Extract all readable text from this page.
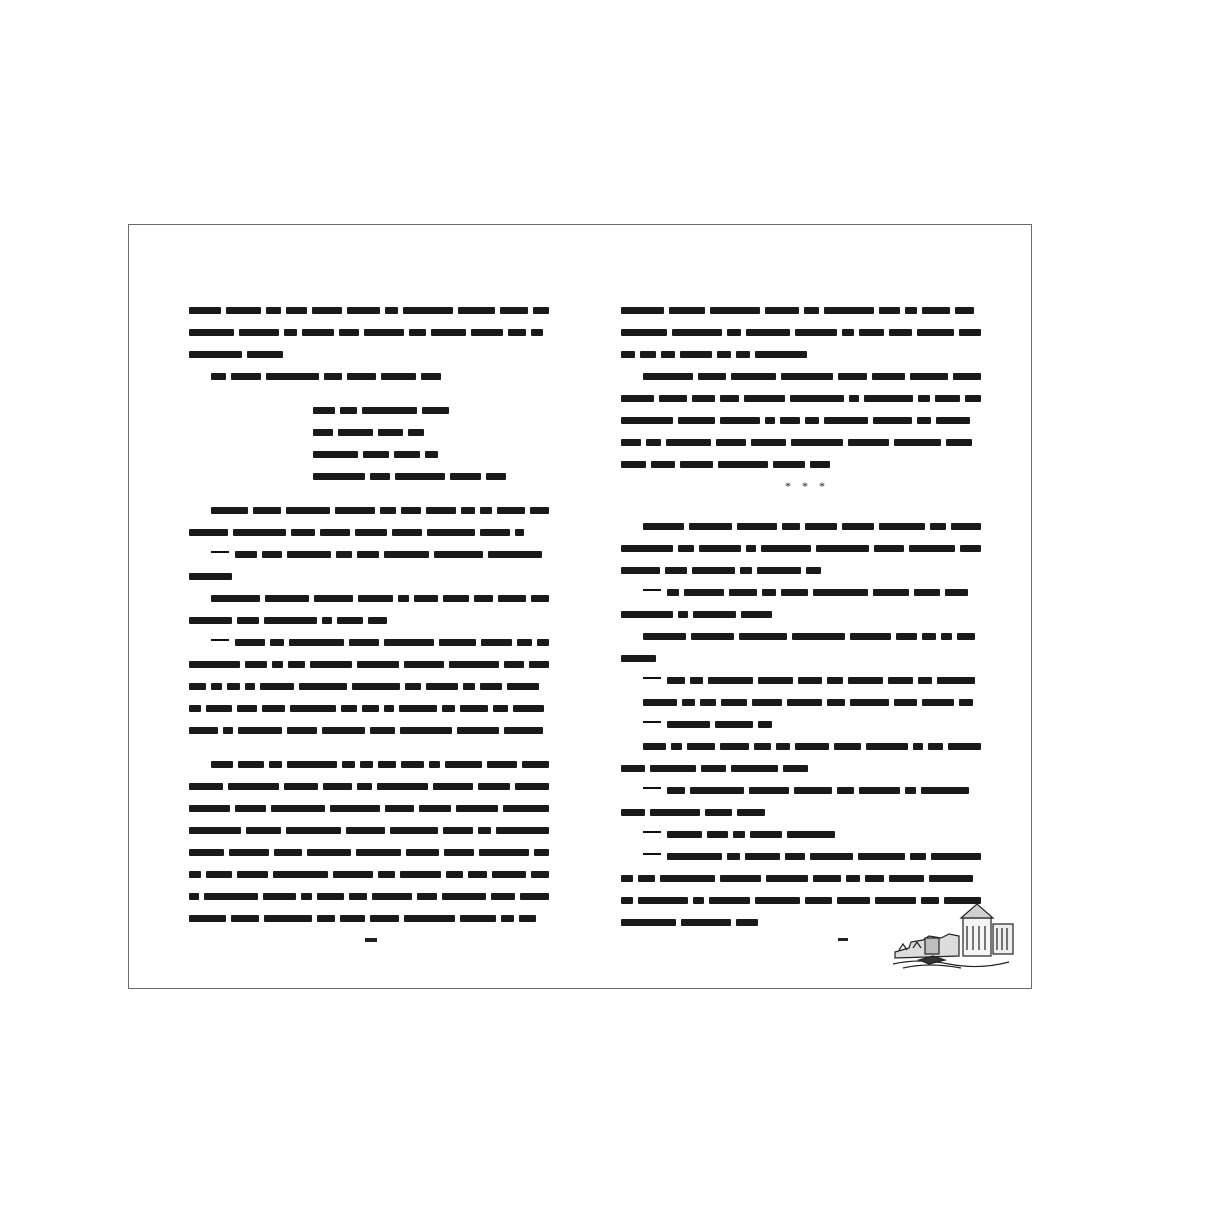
* * *
